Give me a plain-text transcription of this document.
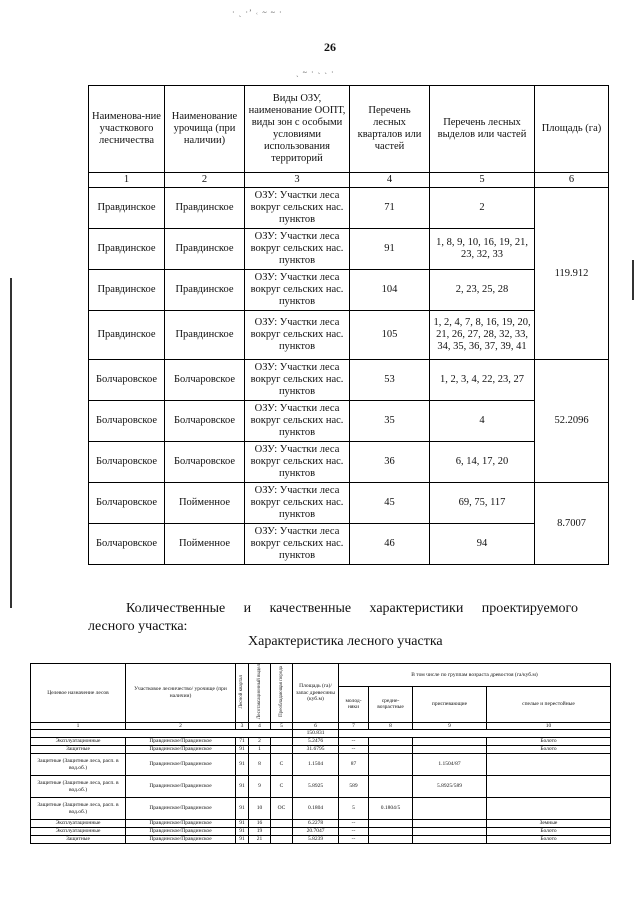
· ˎ ·ʼ ˓ ~ ~ ·
ˎ ~ · ˴ ˴ ·
26
Наименова-ние участкового лесничества	Наименование урочища (при наличии)	Виды ОЗУ, наименование ООПТ, виды зон с особыми условиями использования территорий	Перечень лесных кварталов или частей	Перечень лесных выделов или частей	Площадь (га)
1	2	3	4	5	6
Правдинское	Правдинское	ОЗУ: Участки леса вокруг сельских нас. пунктов	71	2	119.912
Правдинское	Правдинское	ОЗУ: Участки леса вокруг сельских нас. пунктов	91	1, 8, 9, 10, 16, 19, 21, 23, 32, 33	
Правдинское	Правдинское	ОЗУ: Участки леса вокруг сельских нас. пунктов	104	2, 23, 25, 28	
Правдинское	Правдинское	ОЗУ: Участки леса вокруг сельских нас. пунктов	105	1, 2, 4, 7, 8, 16, 19, 20, 21, 26, 27, 28, 32, 33, 34, 35, 36, 37, 39, 41	
Болчаровское	Болчаровское	ОЗУ: Участки леса вокруг сельских нас. пунктов	53	1, 2, 3, 4, 22, 23, 27	52.2096
Болчаровское	Болчаровское	ОЗУ: Участки леса вокруг сельских нас. пунктов	35	4	
Болчаровское	Болчаровское	ОЗУ: Участки леса вокруг сельских нас. пунктов	36	6, 14, 17, 20	
Болчаровское	Пойменное	ОЗУ: Участки леса вокруг сельских нас. пунктов	45	69, 75, 117	8.7007
Болчаровское	Пойменное	ОЗУ: Участки леса вокруг сельских нас. пунктов	46	94	
Количественные и качественные характеристики проектируемого
лесного участка:
Характеристика лесного участка
Целевое назначение лесов	Участковое лесничество/ урочище (при наличии)	Лесной квартал	Лесотаксационный выдел	Преобладающая порода	Площадь (га)/запас древесины (куб.м)	В том числе по группам возраста древостоя (га/куб.м)			
						молод-няки	средне-возрастные	приспевающие	спелые и перестойные
1	2	3	4	5	6	7	8	9	10
					150.831				
Эксплуатационные	Правдинское/Правдинское	71	2		5.2476	--			Болото
Защитные	Правдинское/Правдинское	91	1		31.6795	--			Болото
Защитные (Защитные леса, расп. в вод.об.)	Правдинское/Правдинское	91	8	С	1.1504	87		1.1504/87	
Защитные (Защитные леса, расп. в вод.об.)	Правдинское/Правдинское	91	9	С	5.8925	589		5.8925/589	
Защитные (Защитные леса, расп. в вод.об.)	Правдинское/Правдинское	91	10	ОС	0.1804	5	0.1804/5		
Эксплуатационные	Правдинское/Правдинское	91	16		6.2278	--			Земные
Эксплуатационные	Правдинское/Правдинское	91	19		20.7047	--			Болото
Защитные	Правдинское/Правдинское	91	21		5.8239	--			Болото
